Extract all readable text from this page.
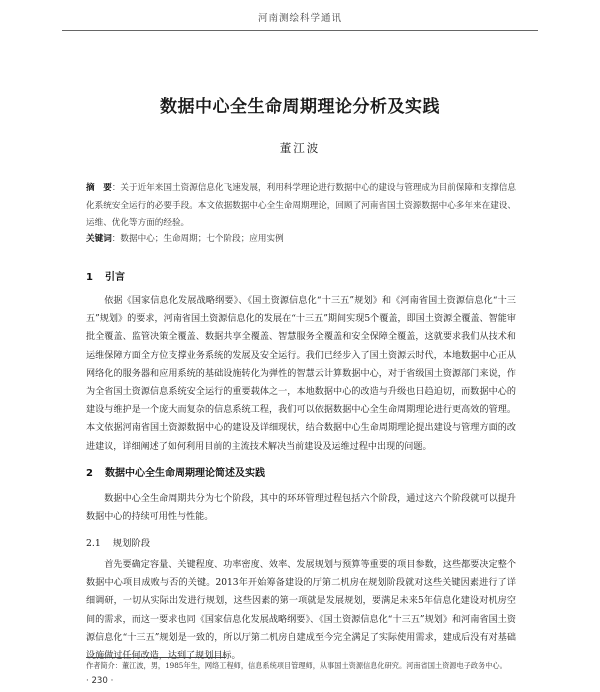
河南测绘科学通讯
数据中心全生命周期理论分析及实践
董江波
摘　要：关于近年来国土资源信息化飞速发展，利用科学理论进行数据中心的建设与管理成为目前保障和支撑信息化系统安全运行的必要手段。本文依据数据中心全生命周期理论，回顾了河南省国土资源数据中心多年来在建设、运维、优化等方面的经验。
关键词：数据中心；生命周期；七个阶段；应用实例
1 引言
依据《国家信息化发展战略纲要》、《国土资源信息化“十三五”规划》和《河南省国土资源信息化“十三五”规划》的要求，河南省国土资源信息化的发展在“十三五”期间实现5个覆盖，即国土资源全覆盖、智能审批全覆盖、监管决策全覆盖、数据共享全覆盖、智慧服务全覆盖和安全保障全覆盖，这就要求我们从技术和运维保障方面全方位支撑业务系统的发展及安全运行。我们已经步入了国土资源云时代，本地数据中心正从网络化的服务器和应用系统的基础设施转化为弹性的智慧云计算数据中心，对于省级国土资源部门来说，作为全省国土资源信息系统安全运行的重要载体之一，本地数据中心的改造与升级也日趋迫切，而数据中心的建设与维护是一个庞大而复杂的信息系统工程，我们可以依据数据中心全生命周期理论进行更高效的管理。本文依据河南省国土资源数据中心的建设及详细现状，结合数据中心生命周期理论提出建设与管理方面的改进建议，详细阐述了如何利用目前的主流技术解决当前建设及运维过程中出现的问题。
2 数据中心全生命周期理论简述及实践
数据中心全生命周期共分为七个阶段，其中的环环管理过程包括六个阶段，通过这六个阶段就可以提升数据中心的持续可用性与性能。
2.1 规划阶段
首先要确定容量、关键程度、功率密度、效率、发展规划与预算等重要的项目参数，这些都要决定整个数据中心项目成败与否的关键。2013年开始筹备建设的厅第二机房在规划阶段就对这些关键因素进行了详细调研，一切从实际出发进行规划，这些因素的第一项就是发展规划，要满足未来5年信息化建设对机房空间的需求，而这一要求也同《国家信息化发展战略纲要》、《国土资源信息化“十三五”规划》和河南省国土资源信息化“十三五”规划是一致的，所以厅第二机房自建成至今完全满足了实际使用需求，建成后没有对基础设施做过任何改造，达到了规划目标。
作者简介：董江波，男，1985年生，网络工程师，信息系统项目管理师，从事国土资源信息化研究。河南省国土资源电子政务中心。
· 230 ·
